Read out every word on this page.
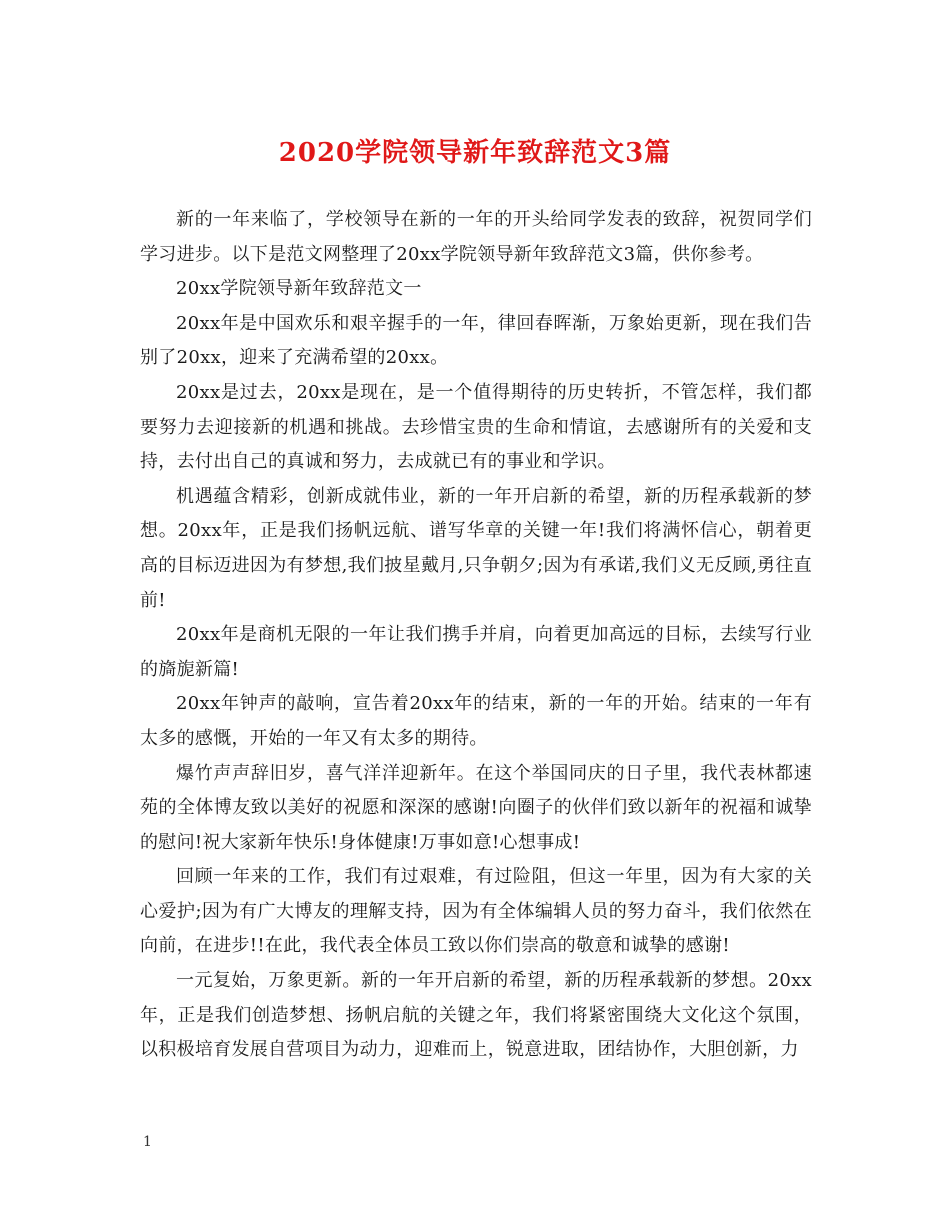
2020学院领导新年致辞范文3篇

新的一年来临了，学校领导在新的一年的开头给同学发表的致辞，祝贺同学们学习进步。以下是范文网整理了20xx学院领导新年致辞范文3篇，供你参考。

20xx学院领导新年致辞范文一

20xx年是中国欢乐和艰辛握手的一年，律回春晖渐，万象始更新，现在我们告别了20xx，迎来了充满希望的20xx。

20xx是过去，20xx是现在，是一个值得期待的历史转折，不管怎样，我们都要努力去迎接新的机遇和挑战。去珍惜宝贵的生命和情谊，去感谢所有的关爱和支持，去付出自己的真诚和努力，去成就已有的事业和学识。

机遇蕴含精彩，创新成就伟业，新的一年开启新的希望，新的历程承载新的梦想。20xx年，正是我们扬帆远航、谱写华章的关键一年!我们将满怀信心，朝着更高的目标迈进因为有梦想,我们披星戴月,只争朝夕;因为有承诺,我们义无反顾,勇往直前!

20xx年是商机无限的一年让我们携手并肩，向着更加高远的目标，去续写行业的旖旎新篇!

20xx年钟声的敲响，宣告着20xx年的结束，新的一年的开始。结束的一年有太多的感慨，开始的一年又有太多的期待。

爆竹声声辞旧岁，喜气洋洋迎新年。在这个举国同庆的日子里，我代表林都速苑的全体博友致以美好的祝愿和深深的感谢!向圈子的伙伴们致以新年的祝福和诚挚的慰问!祝大家新年快乐!身体健康!万事如意!心想事成!

回顾一年来的工作，我们有过艰难，有过险阻，但这一年里，因为有大家的关心爱护;因为有广大博友的理解支持，因为有全体编辑人员的努力奋斗，我们依然在向前，在进步!!在此，我代表全体员工致以你们崇高的敬意和诚挚的感谢!

一元复始，万象更新。新的一年开启新的希望，新的历程承载新的梦想。20xx年，正是我们创造梦想、扬帆启航的关键之年，我们将紧密围绕大文化这个氛围，以积极培育发展自营项目为动力，迎难而上，锐意进取，团结协作，大胆创新，力

1
